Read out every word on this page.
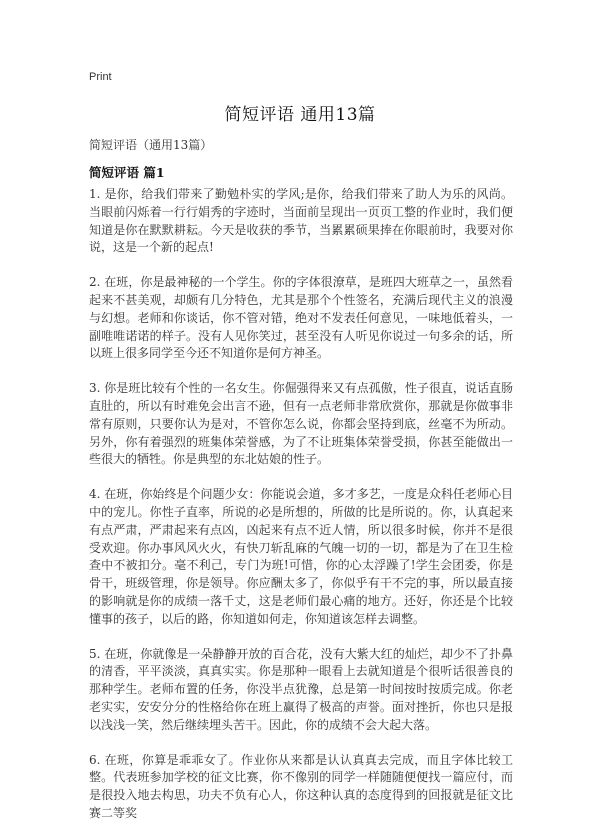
Print
简短评语 通用13篇
简短评语（通用13篇）
简短评语 篇1

1. 是你，给我们带来了勤勉朴实的学风;是你，给我们带来了助人为乐的风尚。当眼前闪烁着一行行娟秀的字迹时，当面前呈现出一页页工整的作业时，我们便知道是你在默默耕耘。今天是收获的季节，当累累硕果捧在你眼前时，我要对你说，这是一个新的起点!

2. 在班，你是最神秘的一个学生。你的字体很潦草，是班四大班草之一，虽然看起来不甚美观，却颇有几分特色，尤其是那个个性签名，充满后现代主义的浪漫与幻想。老师和你谈话，你不管对错，绝对不发表任何意见，一味地低着头，一副唯唯诺诺的样子。没有人见你笑过，甚至没有人听见你说过一句多余的话，所以班上很多同学至今还不知道你是何方神圣。

3. 你是班比较有个性的一名女生。你倔强得来又有点孤傲，性子很直，说话直肠直肚的，所以有时难免会出言不逊，但有一点老师非常欣赏你，那就是你做事非常有原则，只要你认为是对，不管你怎么说，你都会坚持到底，丝毫不为所动。另外，你有着强烈的班集体荣誉感，为了不让班集体荣誉受损，你甚至能做出一些很大的牺牲。你是典型的东北姑娘的性子。

4. 在班，你始终是个问题少女：你能说会道，多才多艺，一度是众科任老师心目中的宠儿。你性子直率，所说的必是所想的，所做的比是所说的。你，认真起来有点严肃，严肃起来有点凶，凶起来有点不近人情，所以很多时候，你并不是很受欢迎。你办事风风火火，有快刀斩乱麻的气魄一切的一切，都是为了在卫生检查中不被扣分。毫不利己，专门为班!可惜，你的心太浮躁了!学生会团委，你是骨干，班级管理，你是领导。你应酬太多了，你似乎有干不完的事，所以最直接的影响就是你的成绩一落千丈，这是老师们最心痛的地方。还好，你还是个比较懂事的孩子，以后的路，你知道如何走，你知道该怎样去调整。

5. 在班，你就像是一朵静静开放的百合花，没有大紫大红的灿烂，却少不了扑鼻的清香，平平淡淡，真真实实。你是那种一眼看上去就知道是个很听话很善良的那种学生。老师布置的任务，你没半点犹豫，总是第一时间按时按质完成。你老老实实，安安分分的性格给你在班上赢得了极高的声誉。面对挫折，你也只是报以浅浅一笑，然后继续埋头苦干。因此，你的成绩不会大起大落。

6. 在班，你算是乖乖女了。作业你从来都是认认真真去完成，而且字体比较工整。代表班参加学校的征文比赛，你不像别的同学一样随随便便找一篇应付，而是很投入地去构思，功夫不负有心人，你这种认真的态度得到的回报就是征文比赛二等奖
